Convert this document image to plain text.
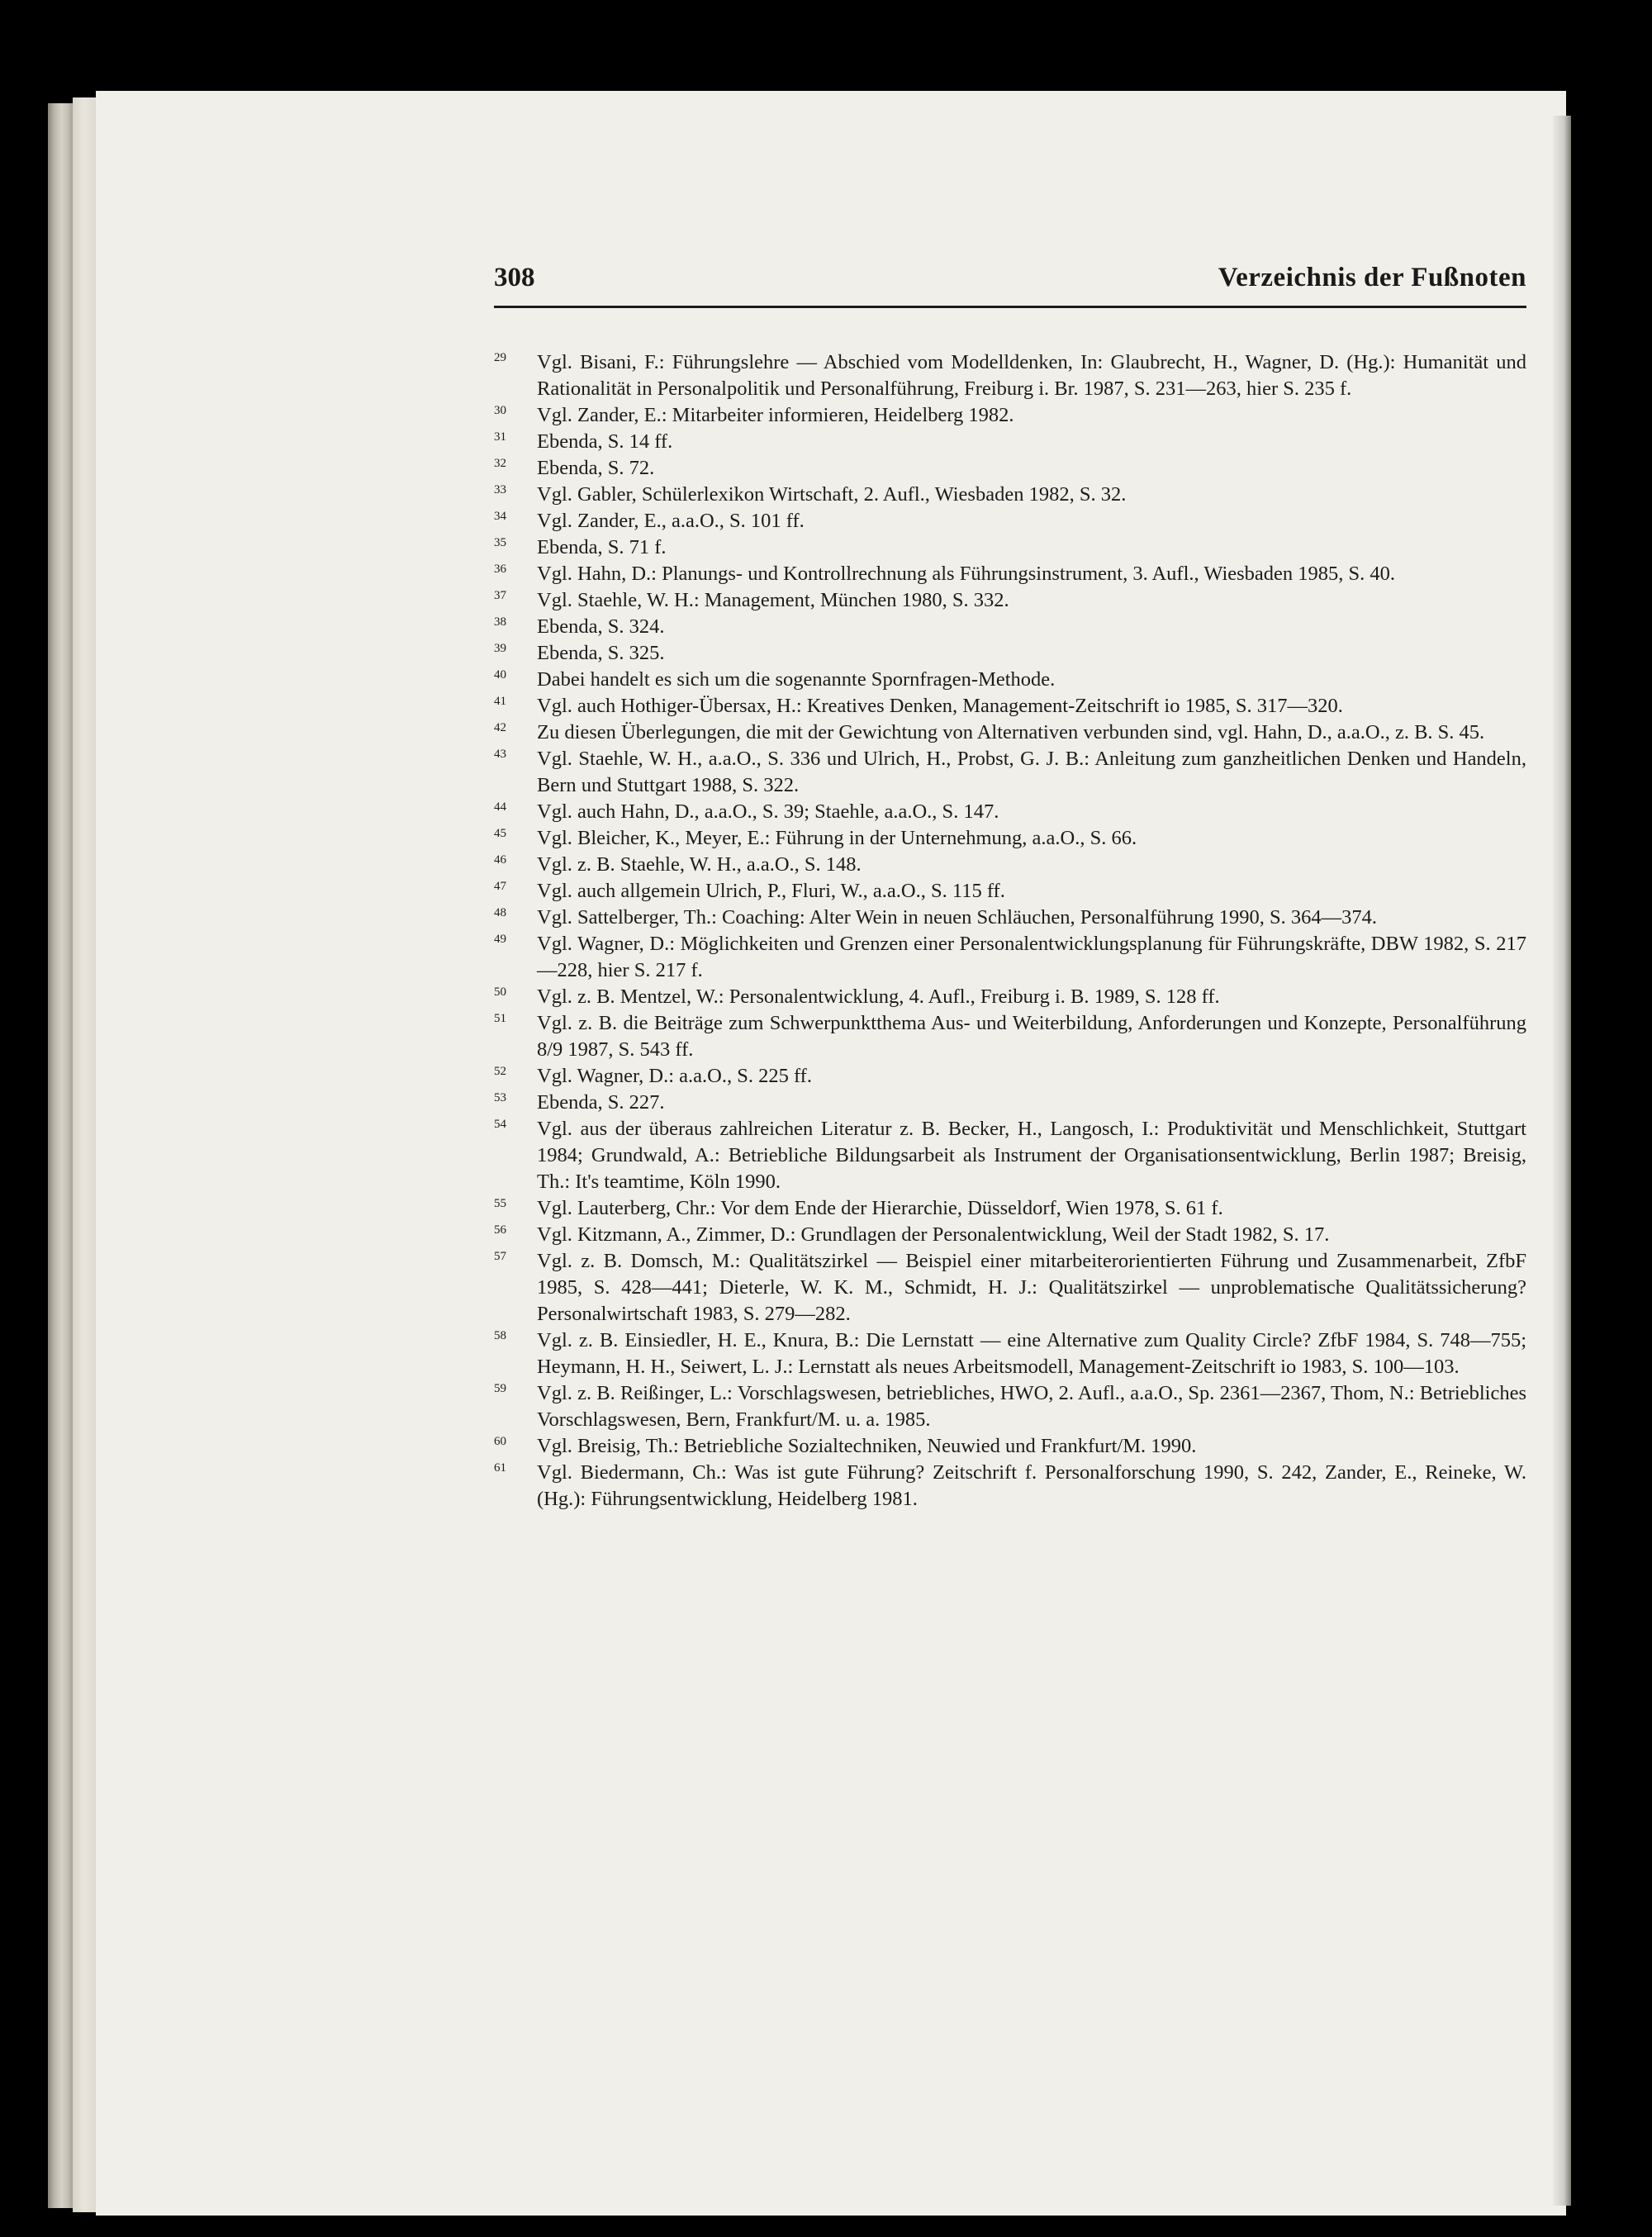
308	Verzeichnis der Fußnoten
29	Vgl. Bisani, F.: Führungslehre — Abschied vom Modelldenken, In: Glaubrecht, H., Wagner, D. (Hg.): Humanität und Rationalität in Personalpolitik und Personalführung, Freiburg i. Br. 1987, S. 231—263, hier S. 235 f.
30	Vgl. Zander, E.: Mitarbeiter informieren, Heidelberg 1982.
31	Ebenda, S. 14 ff.
32	Ebenda, S. 72.
33	Vgl. Gabler, Schülerlexikon Wirtschaft, 2. Aufl., Wiesbaden 1982, S. 32.
34	Vgl. Zander, E., a.a.O., S. 101 ff.
35	Ebenda, S. 71 f.
36	Vgl. Hahn, D.: Planungs- und Kontrollrechnung als Führungsinstrument, 3. Aufl., Wiesbaden 1985, S. 40.
37	Vgl. Staehle, W. H.: Management, München 1980, S. 332.
38	Ebenda, S. 324.
39	Ebenda, S. 325.
40	Dabei handelt es sich um die sogenannte Spornfragen-Methode.
41	Vgl. auch Hothiger-Übersax, H.: Kreatives Denken, Management-Zeitschrift io 1985, S. 317—320.
42	Zu diesen Überlegungen, die mit der Gewichtung von Alternativen verbunden sind, vgl. Hahn, D., a.a.O., z. B. S. 45.
43	Vgl. Staehle, W. H., a.a.O., S. 336 und Ulrich, H., Probst, G. J. B.: Anleitung zum ganzheitlichen Denken und Handeln, Bern und Stuttgart 1988, S. 322.
44	Vgl. auch Hahn, D., a.a.O., S. 39; Staehle, a.a.O., S. 147.
45	Vgl. Bleicher, K., Meyer, E.: Führung in der Unternehmung, a.a.O., S. 66.
46	Vgl. z. B. Staehle, W. H., a.a.O., S. 148.
47	Vgl. auch allgemein Ulrich, P., Fluri, W., a.a.O., S. 115 ff.
48	Vgl. Sattelberger, Th.: Coaching: Alter Wein in neuen Schläuchen, Personalführung 1990, S. 364—374.
49	Vgl. Wagner, D.: Möglichkeiten und Grenzen einer Personalentwicklungsplanung für Führungskräfte, DBW 1982, S. 217—228, hier S. 217 f.
50	Vgl. z. B. Mentzel, W.: Personalentwicklung, 4. Aufl., Freiburg i. B. 1989, S. 128 ff.
51	Vgl. z. B. die Beiträge zum Schwerpunktthema Aus- und Weiterbildung, Anforderungen und Konzepte, Personalführung 8/9 1987, S. 543 ff.
52	Vgl. Wagner, D.: a.a.O., S. 225 ff.
53	Ebenda, S. 227.
54	Vgl. aus der überaus zahlreichen Literatur z. B. Becker, H., Langosch, I.: Produktivität und Menschlichkeit, Stuttgart 1984; Grundwald, A.: Betriebliche Bildungsarbeit als Instrument der Organisationsentwicklung, Berlin 1987; Breisig, Th.: It's teamtime, Köln 1990.
55	Vgl. Lauterberg, Chr.: Vor dem Ende der Hierarchie, Düsseldorf, Wien 1978, S. 61 f.
56	Vgl. Kitzmann, A., Zimmer, D.: Grundlagen der Personalentwicklung, Weil der Stadt 1982, S. 17.
57	Vgl. z. B. Domsch, M.: Qualitätszirkel — Beispiel einer mitarbeiterorientierten Führung und Zusammenarbeit, ZfbF 1985, S. 428—441; Dieterle, W. K. M., Schmidt, H. J.: Qualitätszirkel — unproblematische Qualitätssicherung? Personalwirtschaft 1983, S. 279—282.
58	Vgl. z. B. Einsiedler, H. E., Knura, B.: Die Lernstatt — eine Alternative zum Quality Circle? ZfbF 1984, S. 748—755; Heymann, H. H., Seiwert, L. J.: Lernstatt als neues Arbeitsmodell, Management-Zeitschrift io 1983, S. 100—103.
59	Vgl. z. B. Reißinger, L.: Vorschlagswesen, betriebliches, HWO, 2. Aufl., a.a.O., Sp. 2361—2367, Thom, N.: Betriebliches Vorschlagswesen, Bern, Frankfurt/M. u. a. 1985.
60	Vgl. Breisig, Th.: Betriebliche Sozialtechniken, Neuwied und Frankfurt/M. 1990.
61	Vgl. Biedermann, Ch.: Was ist gute Führung? Zeitschrift f. Personalforschung 1990, S. 242, Zander, E., Reineke, W. (Hg.): Führungsentwicklung, Heidelberg 1981.
